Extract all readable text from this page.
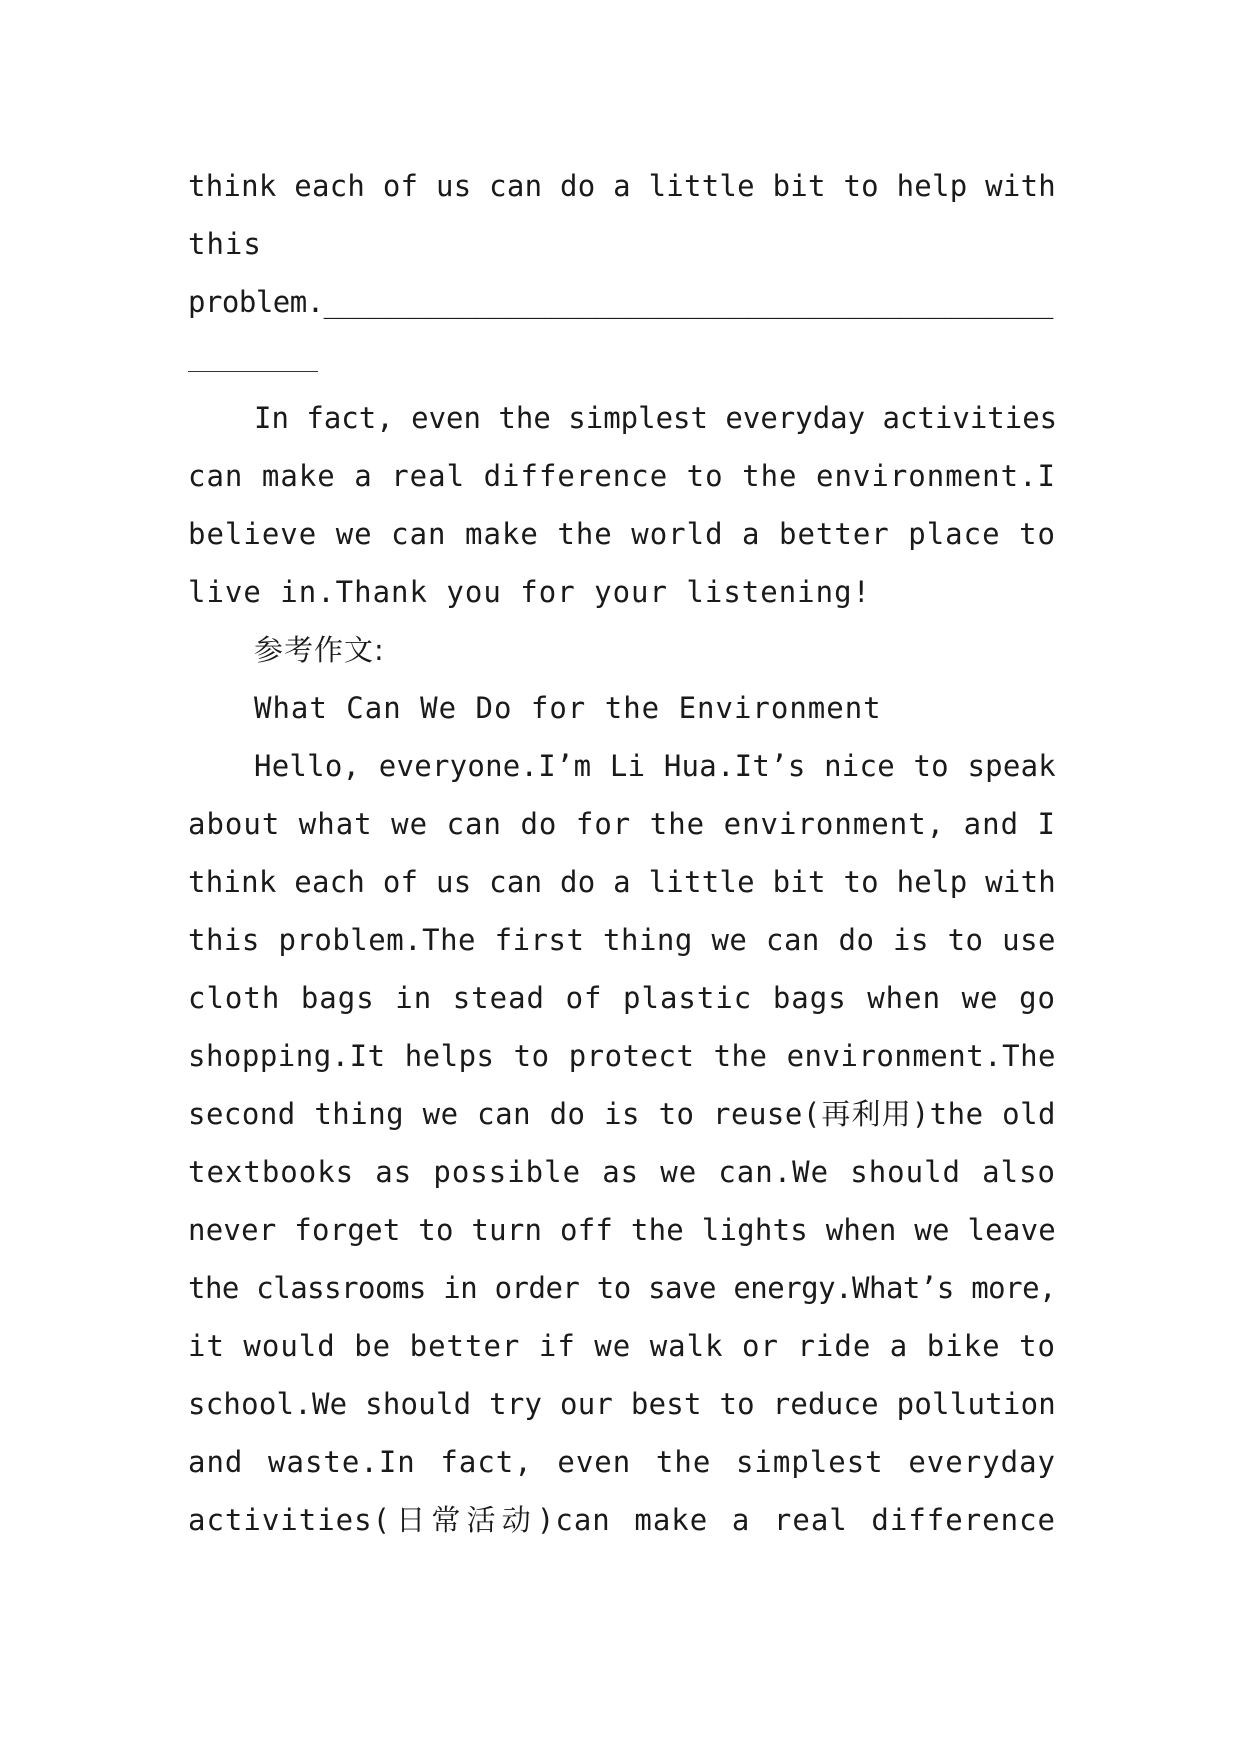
think each of us can do a little bit to help with
this
problem.___________________________________________
In fact, even the simplest everyday activities
can make a real difference to the environment.I
believe we can make the world a better place to
live in.Thank you for your listening!
参考作文:
What Can We Do for the Environment
Hello, everyone.I’m Li Hua.It’s nice to speak
about what we can do for the environment, and I
think each of us can do a little bit to help with
this problem.The first thing we can do is to use
cloth bags in stead of plastic bags when we go
shopping.It helps to protect the environment.The
second thing we can do is to reuse(再利用)the old
textbooks as possible as we can.We should also
never forget to turn off the lights when we leave
the classrooms in order to save energy.What’s more,
it would be better if we walk or ride a bike to
school.We should try our best to reduce pollution
and waste.In fact, even the simplest everyday
activities(日常活动)can make a real difference
